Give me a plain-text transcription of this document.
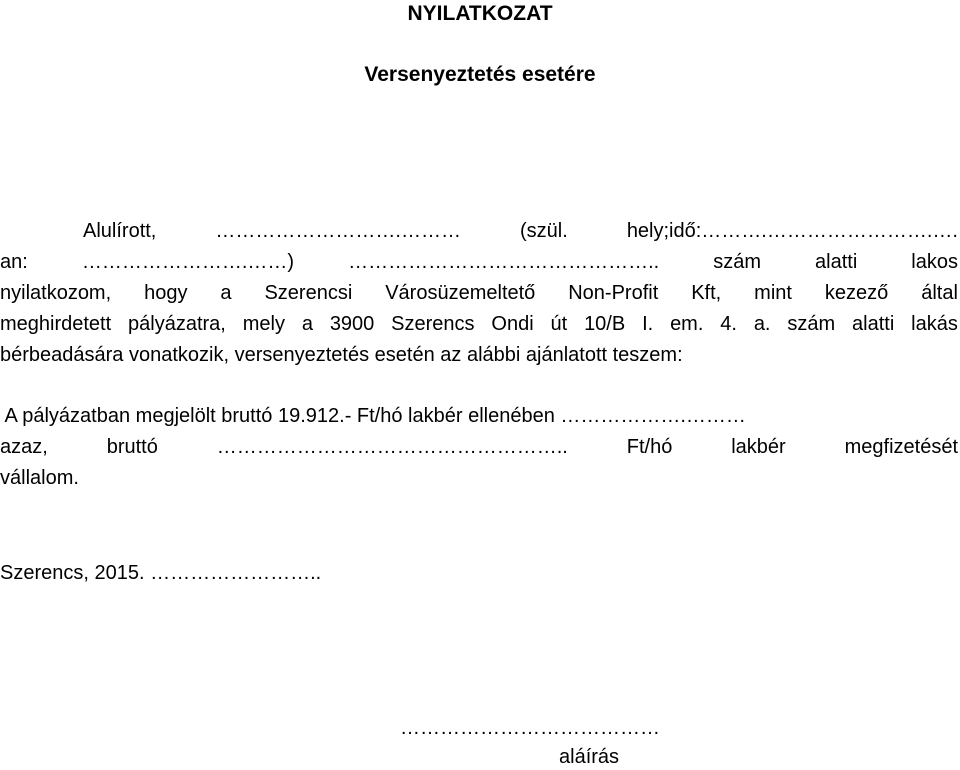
NYILATKOZAT
Versenyeztetés esetére
Alulírott,	……………………….………	(szül.	hely;idő:……….…………………….….
an:	…………………….……)	………………………………………..	szám	alatti	lakos
nyilatkozom, hogy a Szerencsi Városüzemeltető Non-Profit Kft, mint kezező által
meghirdetett pályázatra, mely a 3900 Szerencs Ondi út 10/B I. em. 4. a. szám alatti lakás
bérbeadására vonatkozik, versenyeztetés esetén az alábbi ajánlatott teszem:
A pályázatban megjelölt bruttó 19.912.- Ft/hó lakbér ellenében ……………….………
azaz,	bruttó	……………………………………………..	Ft/hó	lakbér	megfizetését
vállalom.
Szerencs, 2015. ……………………..
…………………………………
aláírás
